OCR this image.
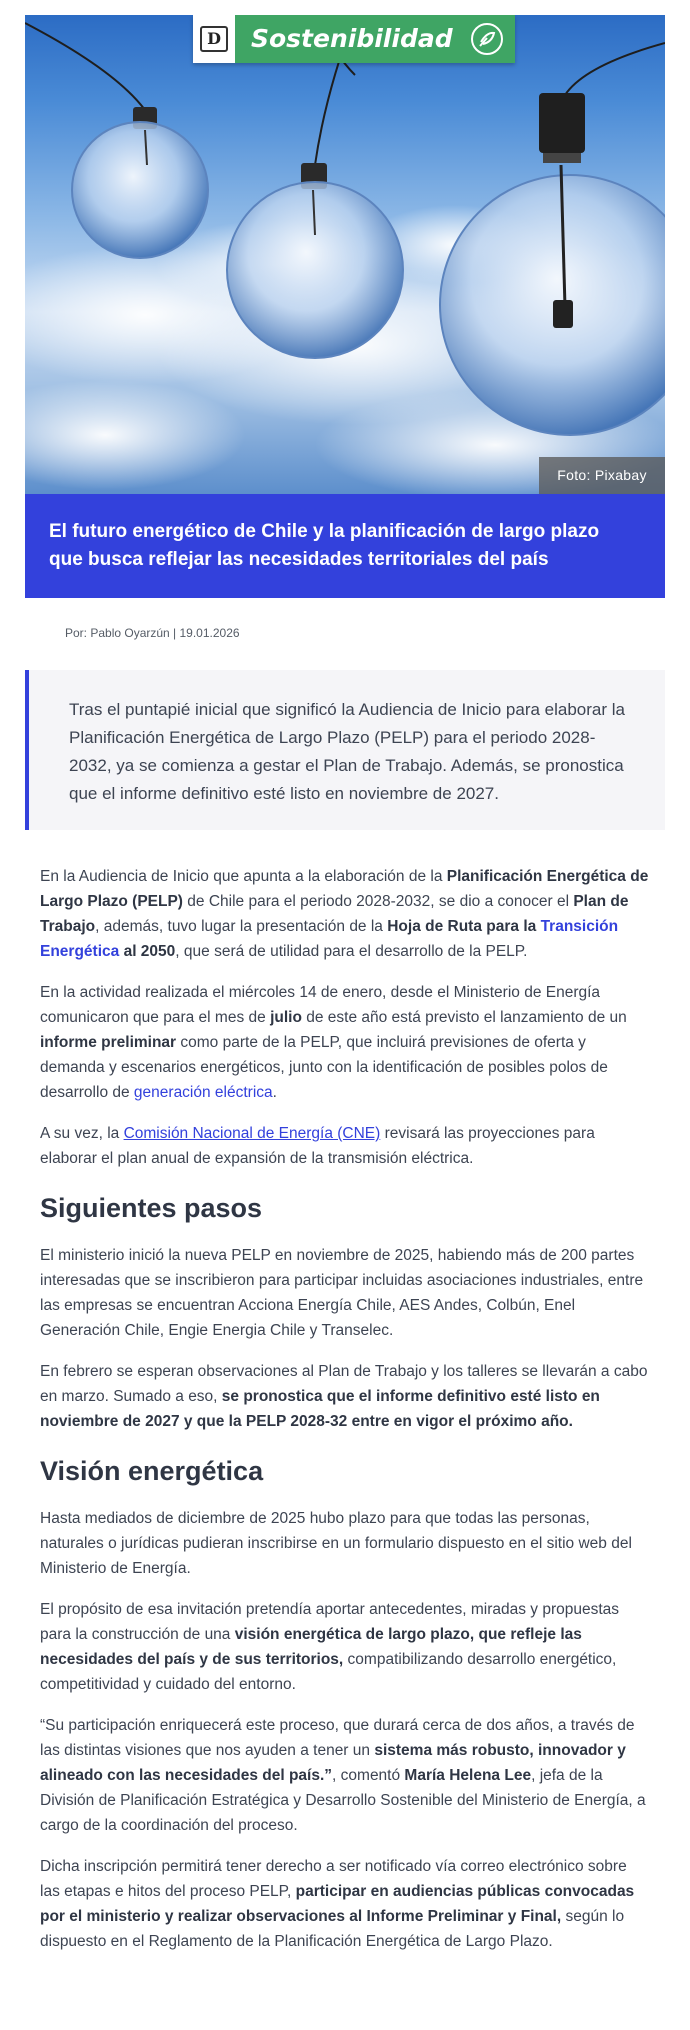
D Sostenibilidad
Foto: Pixabay
El futuro energético de Chile y la planificación de largo plazo que busca reflejar las necesidades territoriales del país
Por: Pablo Oyarzún | 19.01.2026
Tras el puntapié inicial que significó la Audiencia de Inicio para elaborar la Planificación Energética de Largo Plazo (PELP) para el periodo 2028-2032, ya se comienza a gestar el Plan de Trabajo. Además, se pronostica que el informe definitivo esté listo en noviembre de 2027.

En la Audiencia de Inicio que apunta a la elaboración de la Planificación Energética de Largo Plazo (PELP) de Chile para el periodo 2028-2032, se dio a conocer el Plan de Trabajo, además, tuvo lugar la presentación de la Hoja de Ruta para la Transición Energética al 2050, que será de utilidad para el desarrollo de la PELP.

En la actividad realizada el miércoles 14 de enero, desde el Ministerio de Energía comunicaron que para el mes de julio de este año está previsto el lanzamiento de un informe preliminar como parte de la PELP, que incluirá previsiones de oferta y demanda y escenarios energéticos, junto con la identificación de posibles polos de desarrollo de generación eléctrica.

A su vez, la Comisión Nacional de Energía (CNE) revisará las proyecciones para elaborar el plan anual de expansión de la transmisión eléctrica.

Siguientes pasos

El ministerio inició la nueva PELP en noviembre de 2025, habiendo más de 200 partes interesadas que se inscribieron para participar incluidas asociaciones industriales, entre las empresas se encuentran Acciona Energía Chile, AES Andes, Colbún, Enel Generación Chile, Engie Energia Chile y Transelec.

En febrero se esperan observaciones al Plan de Trabajo y los talleres se llevarán a cabo en marzo. Sumado a eso, se pronostica que el informe definitivo esté listo en noviembre de 2027 y que la PELP 2028-32 entre en vigor el próximo año.

Visión energética

Hasta mediados de diciembre de 2025 hubo plazo para que todas las personas, naturales o jurídicas pudieran inscribirse en un formulario dispuesto en el sitio web del Ministerio de Energía.

El propósito de esa invitación pretendía aportar antecedentes, miradas y propuestas para la construcción de una visión energética de largo plazo, que refleje las necesidades del país y de sus territorios, compatibilizando desarrollo energético, competitividad y cuidado del entorno.

“Su participación enriquecerá este proceso, que durará cerca de dos años, a través de las distintas visiones que nos ayuden a tener un sistema más robusto, innovador y alineado con las necesidades del país.”, comentó María Helena Lee, jefa de la División de Planificación Estratégica y Desarrollo Sostenible del Ministerio de Energía, a cargo de la coordinación del proceso.

Dicha inscripción permitirá tener derecho a ser notificado vía correo electrónico sobre las etapas e hitos del proceso PELP, participar en audiencias públicas convocadas por el ministerio y realizar observaciones al Informe Preliminar y Final, según lo dispuesto en el Reglamento de la Planificación Energética de Largo Plazo.
